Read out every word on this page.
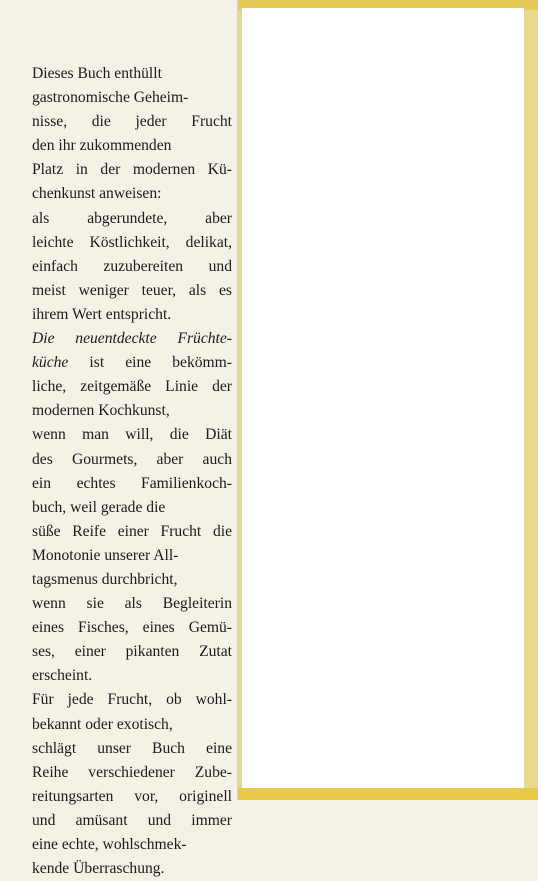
Dieses Buch enthüllt
gastronomische Geheim-
nisse, die jeder Frucht
den ihr zukommenden
Platz in der modernen Kü-
chenkunst anweisen:
als abgerundete, aber
leichte Köstlichkeit, delikat,
einfach zuzubereiten und
meist weniger teuer, als es
ihrem Wert entspricht.
Die neuentdeckte Früchte-
küche ist eine bekömm-
liche, zeitgemäße Linie der
modernen Kochkunst,
wenn man will, die Diät
des Gourmets, aber auch
ein echtes Familienkoch-
buch, weil gerade die
süße Reife einer Frucht die
Monotonie unserer All-
tagsmenus durchbricht,
wenn sie als Begleiterin
eines Fisches, eines Gemü-
ses, einer pikanten Zutat
erscheint.
Für jede Frucht, ob wohl-
bekannt oder exotisch,
schlägt unser Buch eine
Reihe verschiedener Zube-
reitungsarten vor, originell
und amüsant und immer
eine echte, wohlschmek-
kende Überraschung.
